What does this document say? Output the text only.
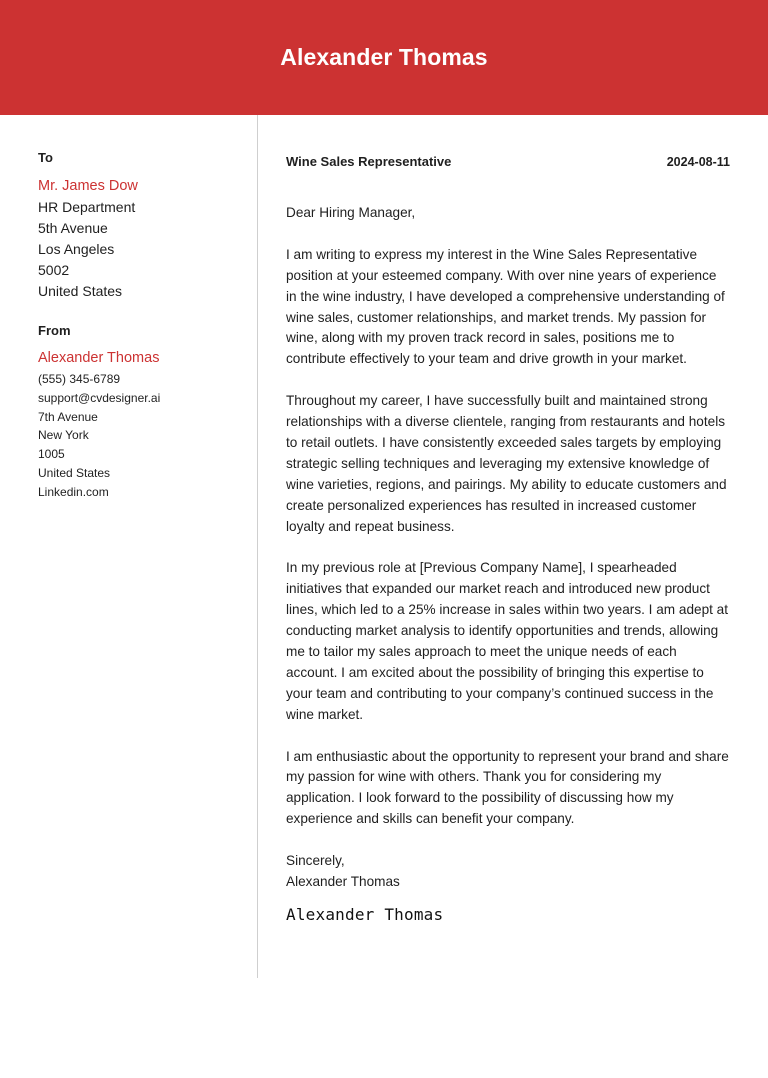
Alexander Thomas
To
Mr. James Dow
HR Department
5th Avenue
Los Angeles
5002
United States
From
Alexander Thomas
(555) 345-6789
support@cvdesigner.ai
7th Avenue
New York
1005
United States
Linkedin.com
Wine Sales Representative	2024-08-11

Dear Hiring Manager,

I am writing to express my interest in the Wine Sales Representative position at your esteemed company. With over nine years of experience in the wine industry, I have developed a comprehensive understanding of wine sales, customer relationships, and market trends. My passion for wine, along with my proven track record in sales, positions me to contribute effectively to your team and drive growth in your market.

Throughout my career, I have successfully built and maintained strong relationships with a diverse clientele, ranging from restaurants and hotels to retail outlets. I have consistently exceeded sales targets by employing strategic selling techniques and leveraging my extensive knowledge of wine varieties, regions, and pairings. My ability to educate customers and create personalized experiences has resulted in increased customer loyalty and repeat business.

In my previous role at [Previous Company Name], I spearheaded initiatives that expanded our market reach and introduced new product lines, which led to a 25% increase in sales within two years. I am adept at conducting market analysis to identify opportunities and trends, allowing me to tailor my sales approach to meet the unique needs of each account. I am excited about the possibility of bringing this expertise to your team and contributing to your company’s continued success in the wine market.

I am enthusiastic about the opportunity to represent your brand and share my passion for wine with others. Thank you for considering my application. I look forward to the possibility of discussing how my experience and skills can benefit your company.

Sincerely,
Alexander Thomas
Alexander Thomas
